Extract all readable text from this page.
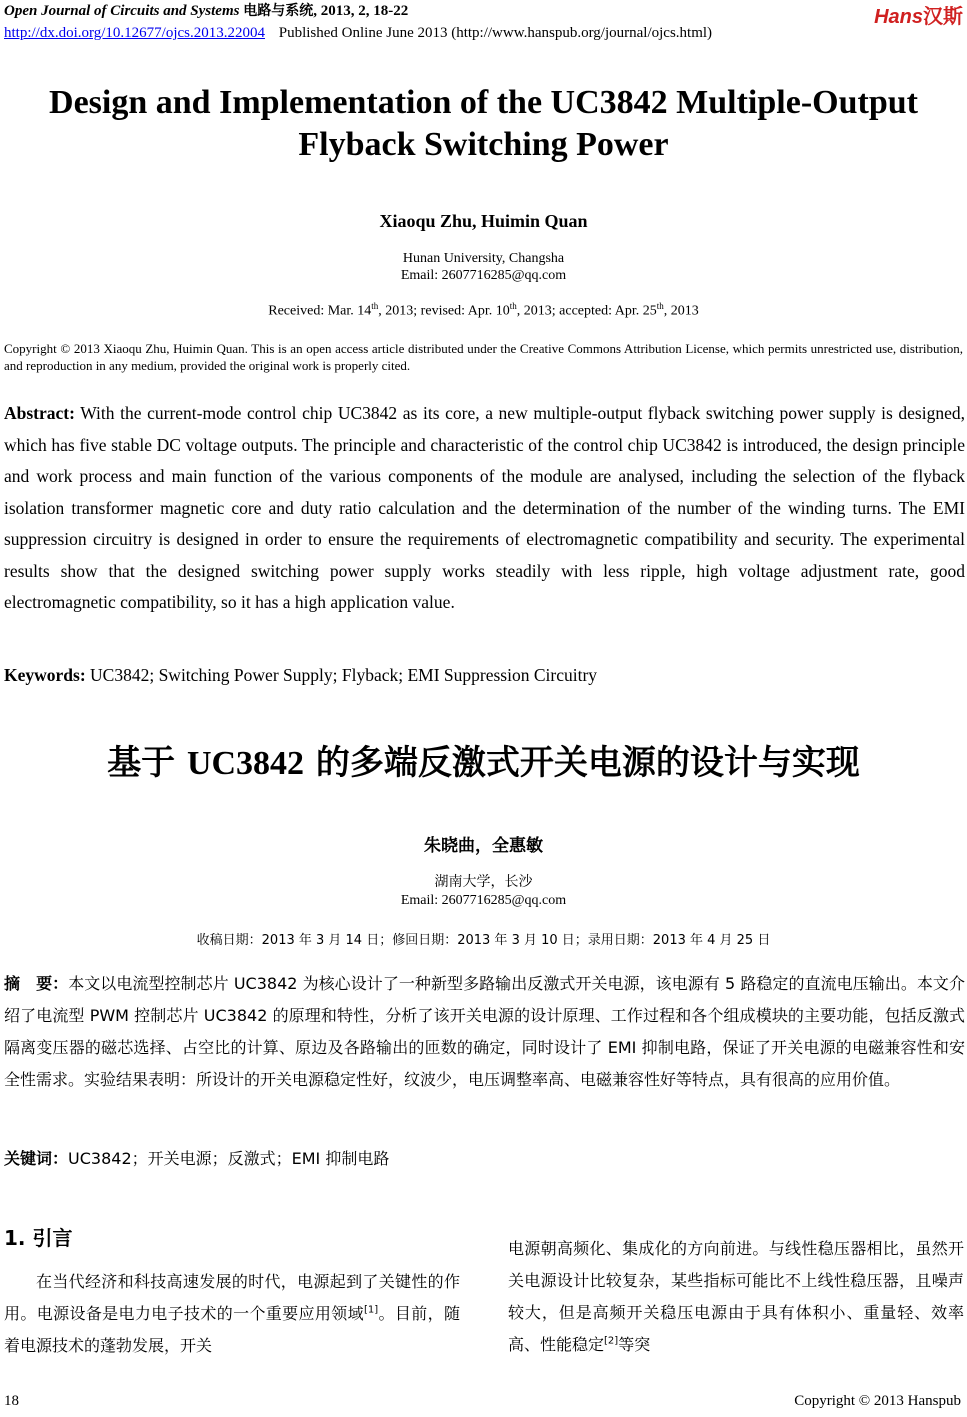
Open Journal of Circuits and Systems 电路与系统, 2013, 2, 18-22
http://dx.doi.org/10.12677/ojcs.2013.22004 Published Online June 2013 (http://www.hanspub.org/journal/ojcs.html)
Hans汉斯
Design and Implementation of the UC3842 Multiple-Output
Flyback Switching Power
Xiaoqu Zhu, Huimin Quan
Hunan University, Changsha
Email: 2607716285@qq.com
Received: Mar. 14th, 2013; revised: Apr. 10th, 2013; accepted: Apr. 25th, 2013
Copyright © 2013 Xiaoqu Zhu, Huimin Quan. This is an open access article distributed under the Creative Commons Attribution License, which permits unrestricted use, distribution, and reproduction in any medium, provided the original work is properly cited.
Abstract: With the current-mode control chip UC3842 as its core, a new multiple-output flyback switching power supply is designed, which has five stable DC voltage outputs. The principle and characteristic of the control chip UC3842 is introduced, the design principle and work process and main function of the various components of the module are analysed, including the selection of the flyback isolation transformer magnetic core and duty ratio calculation and the determination of the number of the winding turns. The EMI suppression circuitry is designed in order to ensure the requirements of electromagnetic compatibility and security. The experimental results show that the designed switching power supply works steadily with less ripple, high voltage adjustment rate, good electromagnetic compatibility, so it has a high application value.
Keywords: UC3842; Switching Power Supply; Flyback; EMI Suppression Circuitry
基于 UC3842 的多端反激式开关电源的设计与实现
朱晓曲，全惠敏
湖南大学，长沙
Email: 2607716285@qq.com
收稿日期：2013 年 3 月 14 日；修回日期：2013 年 3 月 10 日；录用日期：2013 年 4 月 25 日
摘　要：本文以电流型控制芯片 UC3842 为核心设计了一种新型多路输出反激式开关电源，该电源有 5 路稳定的直流电压输出。本文介绍了电流型 PWM 控制芯片 UC3842 的原理和特性，分析了该开关电源的设计原理、工作过程和各个组成模块的主要功能，包括反激式隔离变压器的磁芯选择、占空比的计算、原边及各路输出的匝数的确定，同时设计了 EMI 抑制电路，保证了开关电源的电磁兼容性和安全性需求。实验结果表明：所设计的开关电源稳定性好，纹波少，电压调整率高、电磁兼容性好等特点，具有很高的应用价值。
关键词：UC3842；开关电源；反激式；EMI 抑制电路
1. 引言
在当代经济和科技高速发展的时代，电源起到了关键性的作用。电源设备是电力电子技术的一个重要应用领域[1]。目前，随着电源技术的蓬勃发展，开关
电源朝高频化、集成化的方向前进。与线性稳压器相比，虽然开关电源设计比较复杂，某些指标可能比不上线性稳压器，且噪声较大，但是高频开关稳压电源由于具有体积小、重量轻、效率高、性能稳定[2]等突
18	Copyright © 2013 Hanspub
